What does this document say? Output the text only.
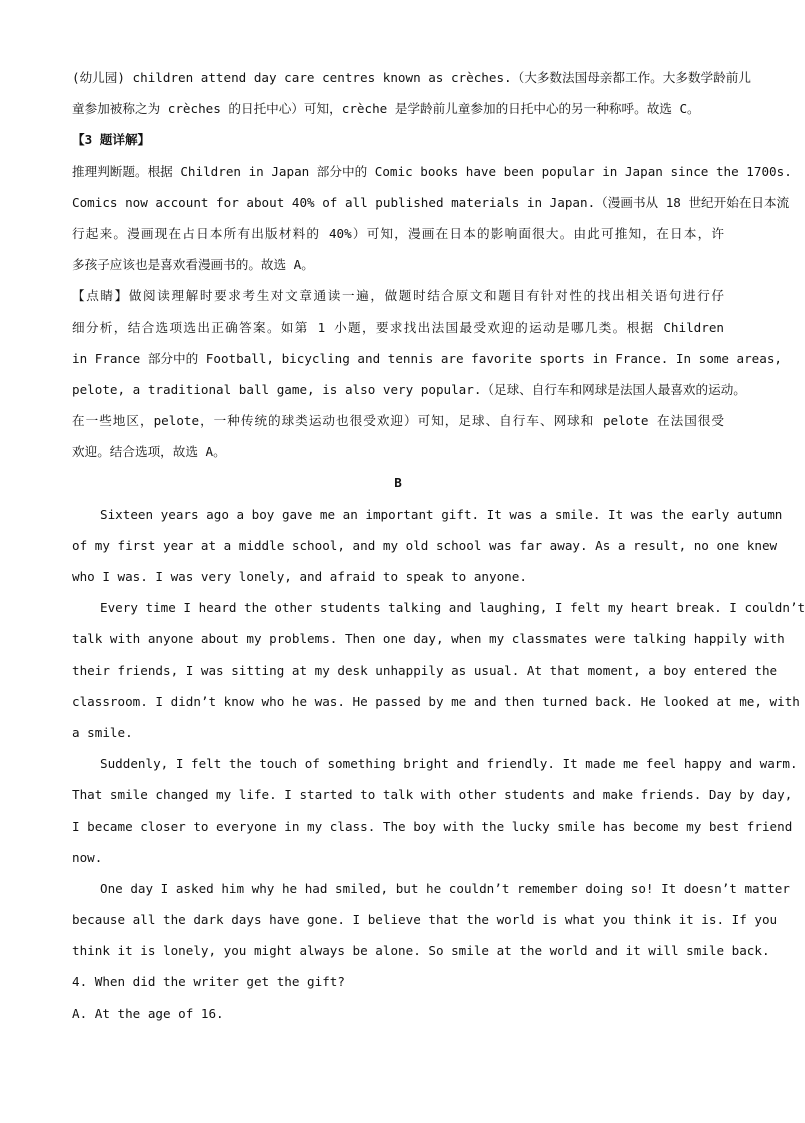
(幼儿园) children attend day care centres known as crèches.（大多数法国母亲都工作。大多数学龄前儿
童参加被称之为 crèches 的日托中心）可知，crèche 是学龄前儿童参加的日托中心的另一种称呼。故选 C。
【3 题详解】
推理判断题。根据 Children in Japan 部分中的 Comic books have been popular in Japan since the 1700s.
Comics now account for about 40% of all published materials in Japan.（漫画书从 18 世纪开始在日本流
行起来。漫画现在占日本所有出版材料的 40%）可知，漫画在日本的影响面很大。由此可推知，在日本，许
多孩子应该也是喜欢看漫画书的。故选 A。
【点睛】做阅读理解时要求考生对文章通读一遍，做题时结合原文和题目有针对性的找出相关语句进行仔
细分析，结合选项选出正确答案。如第 1 小题，要求找出法国最受欢迎的运动是哪几类。根据 Children
in France 部分中的 Football, bicycling and tennis are favorite sports in France. In some areas,
pelote, a traditional ball game, is also very popular.（足球、自行车和网球是法国人最喜欢的运动。
在一些地区，pelote，一种传统的球类运动也很受欢迎）可知，足球、自行车、网球和 pelote 在法国很受
欢迎。结合选项，故选 A。
B
Sixteen years ago a boy gave me an important gift. It was a smile. It was the early autumn
of my first year at a middle school, and my old school was far away. As a result, no one knew
who I was. I was very lonely, and afraid to speak to anyone.
Every time I heard the other students talking and laughing, I felt my heart break. I couldn’t
talk with anyone about my problems. Then one day, when my classmates were talking happily with
their friends, I was sitting at my desk unhappily as usual. At that moment, a boy entered the
classroom. I didn’t know who he was. He passed by me and then turned back. He looked at me, with
a smile.
Suddenly, I felt the touch of something bright and friendly. It made me feel happy and warm.
That smile changed my life. I started to talk with other students and make friends. Day by day,
I became closer to everyone in my class. The boy with the lucky smile has become my best friend
now.
One day I asked him why he had smiled, but he couldn’t remember doing so! It doesn’t matter
because all the dark days have gone. I believe that the world is what you think it is. If you
think it is lonely, you might always be alone. So smile at the world and it will smile back.
4. When did the writer get the gift?
A. At the age of 16.
